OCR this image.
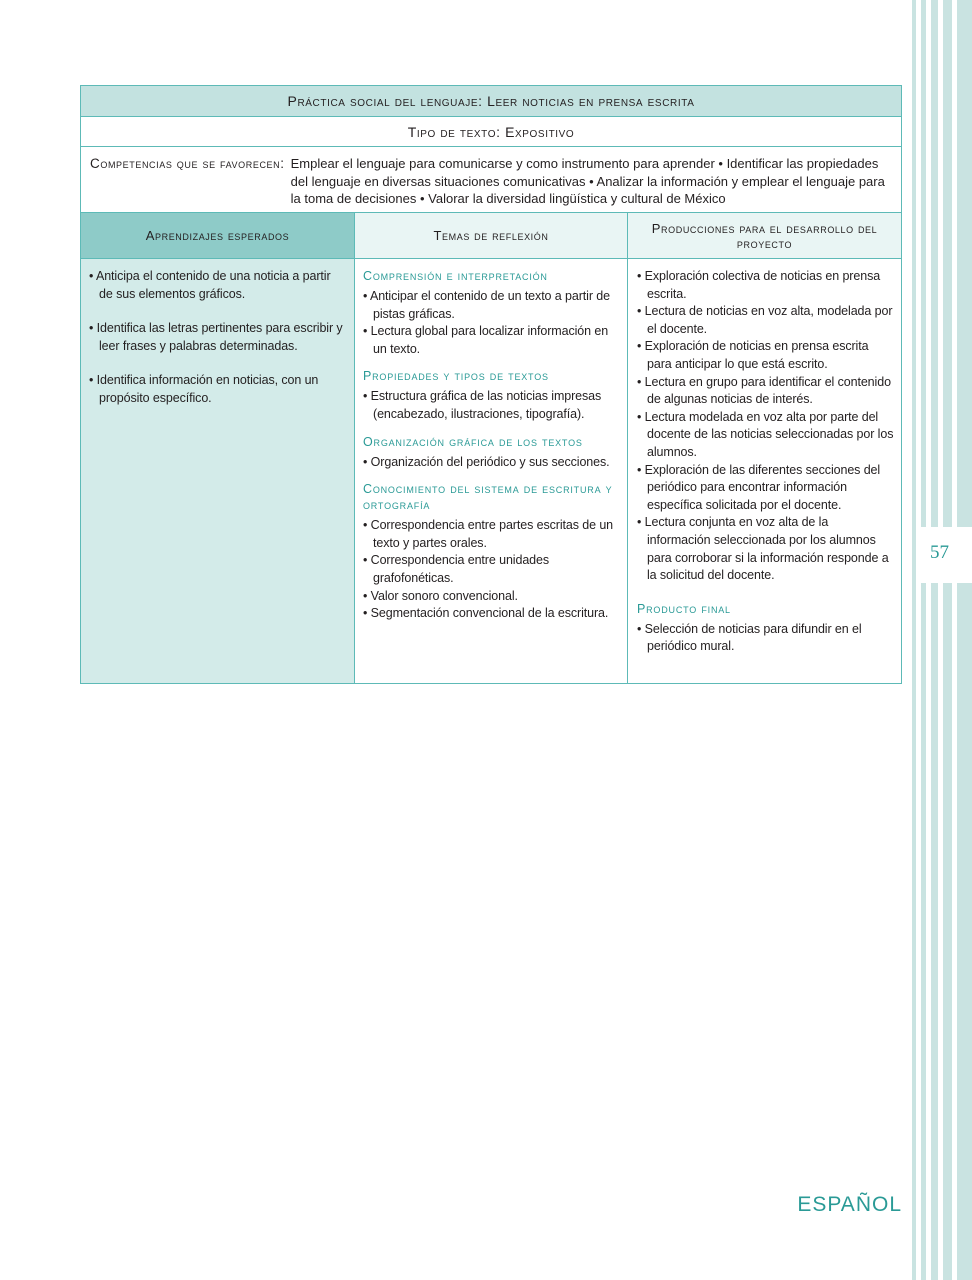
57
Práctica social del lenguaje: Leer noticias en prensa escrita
Tipo de texto: Expositivo
Competencias que se favorecen: Emplear el lenguaje para comunicarse y como instrumento para aprender • Identificar las propiedades del lenguaje en diversas situaciones comunicativas • Analizar la información y emplear el lenguaje para la toma de decisiones • Valorar la diversidad lingüística y cultural de México
Aprendizajes esperados	Temas de reflexión	Producciones para el desarrollo del proyecto
• Anticipa el contenido de una noticia a partir de sus elementos gráficos.
• Identifica las letras pertinentes para escribir y leer frases y palabras determinadas.
• Identifica información en noticias, con un propósito específico.
Comprensión e interpretación
• Anticipar el contenido de un texto a partir de pistas gráficas.
• Lectura global para localizar información en un texto.
Propiedades y tipos de textos
• Estructura gráfica de las noticias impresas (encabezado, ilustraciones, tipografía).
Organización gráfica de los textos
• Organización del periódico y sus secciones.
Conocimiento del sistema de escritura y ortografía
• Correspondencia entre partes escritas de un texto y partes orales.
• Correspondencia entre unidades grafofonéticas.
• Valor sonoro convencional.
• Segmentación convencional de la escritura.
• Exploración colectiva de noticias en prensa escrita.
• Lectura de noticias en voz alta, modelada por el docente.
• Exploración de noticias en prensa escrita para anticipar lo que está escrito.
• Lectura en grupo para identificar el contenido de algunas noticias de interés.
• Lectura modelada en voz alta por parte del docente de las noticias seleccionadas por los alumnos.
• Exploración de las diferentes secciones del periódico para encontrar información específica solicitada por el docente.
• Lectura conjunta en voz alta de la información seleccionada por los alumnos para corroborar si la información responde a la solicitud del docente.
Producto final
• Selección de noticias para difundir en el periódico mural.
ESPAÑOL
